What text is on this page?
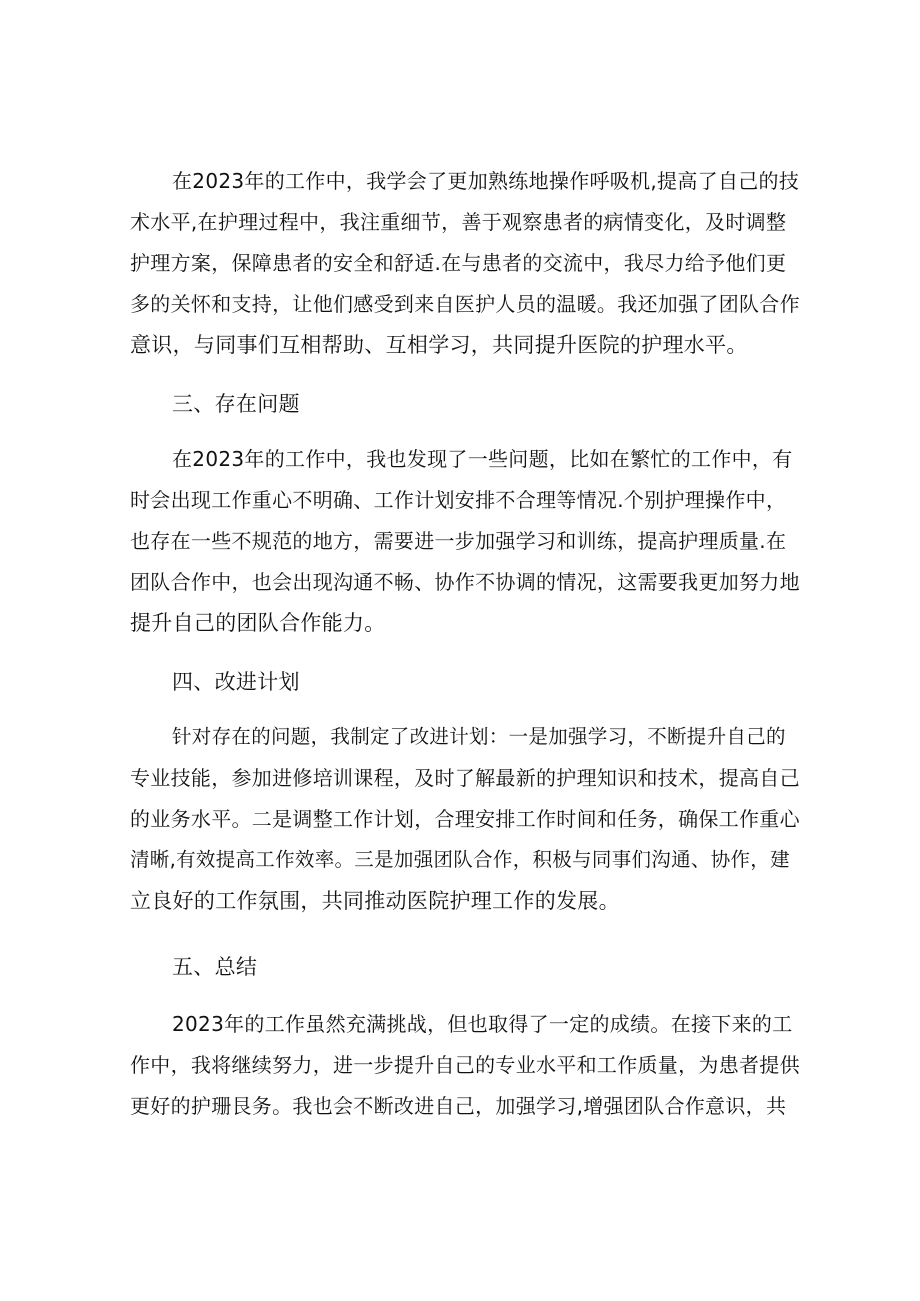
在2023年的工作中，我学会了更加熟练地操作呼吸机,提高了自己的技
术水平,在护理过程中，我注重细节，善于观察患者的病情变化，及时调整
护理方案，保障患者的安全和舒适.在与患者的交流中，我尽力给予他们更
多的关怀和支持，让他们感受到来自医护人员的温暖。我还加强了团队合作
意识，与同事们互相帮助、互相学习，共同提升医院的护理水平。
三、存在问题
在2023年的工作中，我也发现了一些问题，比如在繁忙的工作中，有
时会出现工作重心不明确、工作计划安排不合理等情况.个别护理操作中，
也存在一些不规范的地方，需要进一步加强学习和训练，提高护理质量.在
团队合作中，也会出现沟通不畅、协作不协调的情况，这需要我更加努力地
提升自己的团队合作能力。
四、改进计划
针对存在的问题，我制定了改进计划：一是加强学习，不断提升自己的
专业技能，参加进修培训课程，及时了解最新的护理知识和技术，提高自己
的业务水平。二是调整工作计划，合理安排工作时间和任务，确保工作重心
清晰,有效提高工作效率。三是加强团队合作，积极与同事们沟通、协作，建
立良好的工作氛围，共同推动医院护理工作的发展。
五、总结
2023年的工作虽然充满挑战，但也取得了一定的成绩。在接下来的工
作中，我将继续努力，进一步提升自己的专业水平和工作质量，为患者提供
更好的护珊艮务。我也会不断改进自己，加强学习,增强团队合作意识，共
